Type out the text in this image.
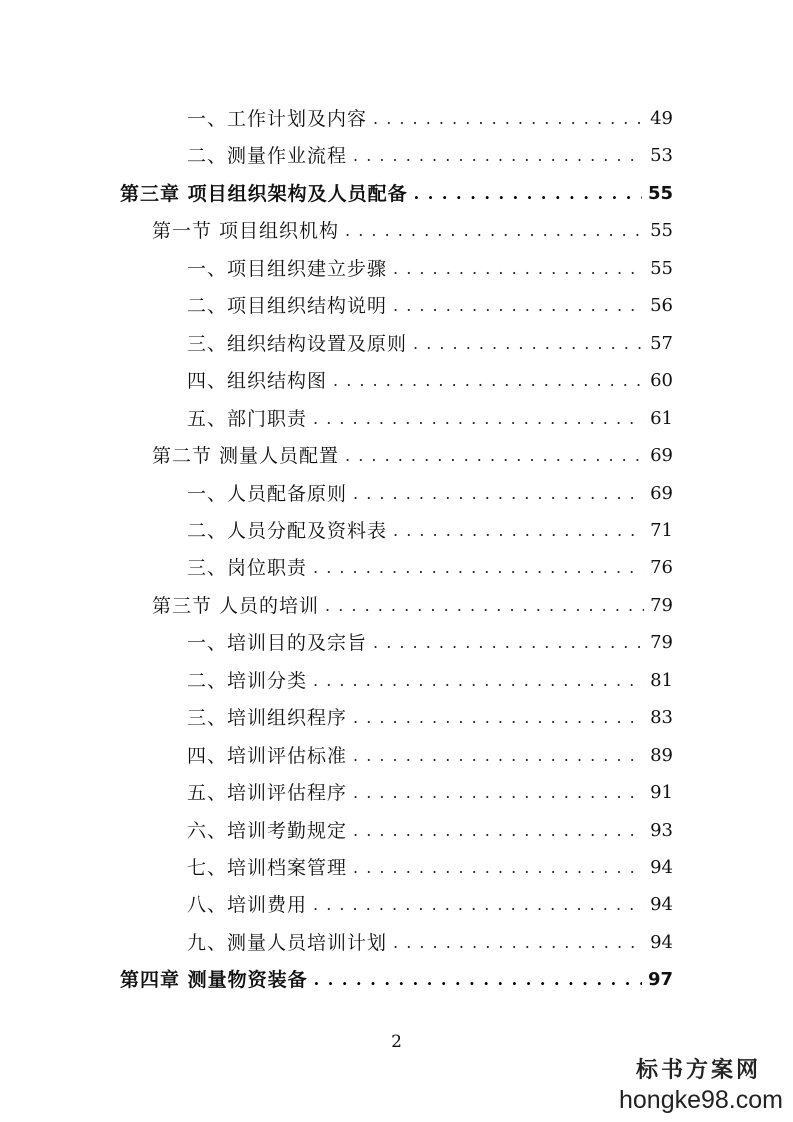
一、工作计划及内容 . . .	49
二、测量作业流程 . . .	53
第三章 项目组织架构及人员配备 . . .	55
第一节 项目组织机构 . . .	55
一、项目组织建立步骤 . . .	55
二、项目组织结构说明 . . .	56
三、组织结构设置及原则 . . .	57
四、组织结构图 . . .	60
五、部门职责 . . .	61
第二节 测量人员配置 . . .	69
一、人员配备原则 . . .	69
二、人员分配及资料表 . . .	71
三、岗位职责 . . .	76
第三节 人员的培训 . . .	79
一、培训目的及宗旨 . . .	79
二、培训分类 . . .	81
三、培训组织程序 . . .	83
四、培训评估标准 . . .	89
五、培训评估程序 . . .	91
六、培训考勤规定 . . .	93
七、培训档案管理 . . .	94
八、培训费用 . . .	94
九、测量人员培训计划 . . .	94
第四章 测量物资装备 . . .	97
2
标书方案网
hongke98.com
